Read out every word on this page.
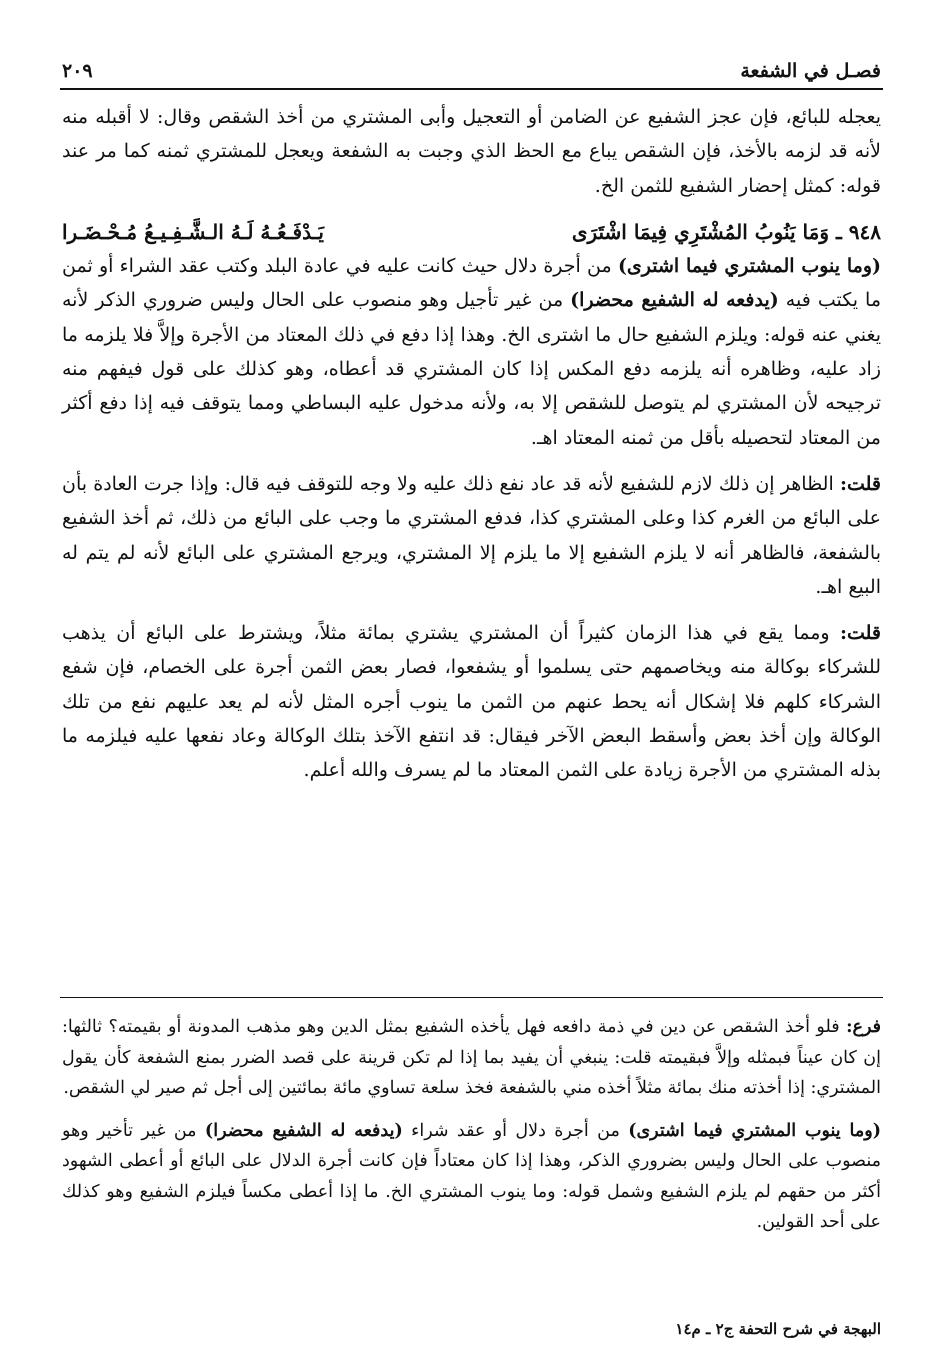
فصـل في الشفعة
٢٠٩

يعجله للبائع، فإن عجز الشفيع عن الضامن أو التعجيل وأبى المشتري من أخذ الشقص وقال: لا أقبله منه لأنه قد لزمه بالأخذ، فإن الشقص يباع مع الحظ الذي وجبت به الشفعة ويعجل للمشتري ثمنه كما مر عند قوله: كمثل إحضار الشفيع للثمن الخ.

٩٤٨ ـ وَمَا يَنُوبُ المُشْتَرِي فِيمَا اشْتَرَى
يَـدْفَـعُـهُ لَـهُ الـشَّـفِـيـعُ مُـحْـضَـرا

(وما ينوب المشتري فيما اشترى) من أجرة دلال حيث كانت عليه في عادة البلد وكتب عقد الشراء أو ثمن ما يكتب فيه (يدفعه له الشفيع محضرا) من غير تأجيل وهو منصوب على الحال وليس ضروري الذكر لأنه يغني عنه قوله: ويلزم الشفيع حال ما اشترى الخ. وهذا إذا دفع في ذلك المعتاد من الأجرة وإلاَّ فلا يلزمه ما زاد عليه، وظاهره أنه يلزمه دفع المكس إذا كان المشتري قد أعطاه، وهو كذلك على قول فيفهم منه ترجيحه لأن المشتري لم يتوصل للشقص إلا به، ولأنه مدخول عليه البساطي ومما يتوقف فيه إذا دفع أكثر من المعتاد لتحصيله بأقل من ثمنه المعتاد اهـ.

قلت: الظاهر إن ذلك لازم للشفيع لأنه قد عاد نفع ذلك عليه ولا وجه للتوقف فيه قال: وإذا جرت العادة بأن على البائع من الغرم كذا وعلى المشتري كذا، فدفع المشتري ما وجب على البائع من ذلك، ثم أخذ الشفيع بالشفعة، فالظاهر أنه لا يلزم الشفيع إلا ما يلزم إلا المشتري، ويرجع المشتري على البائع لأنه لم يتم له البيع اهـ.

قلت: ومما يقع في هذا الزمان كثيراً أن المشتري يشتري بمائة مثلاً، ويشترط على البائع أن يذهب للشركاء بوكالة منه ويخاصمهم حتى يسلموا أو يشفعوا، فصار بعض الثمن أجرة على الخصام، فإن شفع الشركاء كلهم فلا إشكال أنه يحط عنهم من الثمن ما ينوب أجره المثل لأنه لم يعد عليهم نفع من تلك الوكالة وإن أخذ بعض وأسقط البعض الآخر فيقال: قد انتفع الآخذ بتلك الوكالة وعاد نفعها عليه فيلزمه ما بذله المشتري من الأجرة زيادة على الثمن المعتاد ما لم يسرف والله أعلم.

فرع: فلو أخذ الشقص عن دين في ذمة دافعه فهل يأخذه الشفيع بمثل الدين وهو مذهب المدونة أو بقيمته؟ ثالثها: إن كان عيناً فبمثله وإلاَّ فبقيمته قلت: ينبغي أن يفيد بما إذا لم تكن قرينة على قصد الضرر بمنع الشفعة كأن يقول المشتري: إذا أخذته منك بمائة مثلاً أخذه مني بالشفعة فخذ سلعة تساوي مائة بمائتين إلى أجل ثم صير لي الشقص.

(وما ينوب المشتري فيما اشترى) من أجرة دلال أو عقد شراء (يدفعه له الشفيع محضرا) من غير تأخير وهو منصوب على الحال وليس بضروري الذكر، وهذا إذا كان معتاداً فإن كانت أجرة الدلال على البائع أو أعطى الشهود أكثر من حقهم لم يلزم الشفيع وشمل قوله: وما ينوب المشتري الخ. ما إذا أعطى مكساً فيلزم الشفيع وهو كذلك على أحد القولين.

البهجة في شرح التحفة ج٢ ـ م١٤
